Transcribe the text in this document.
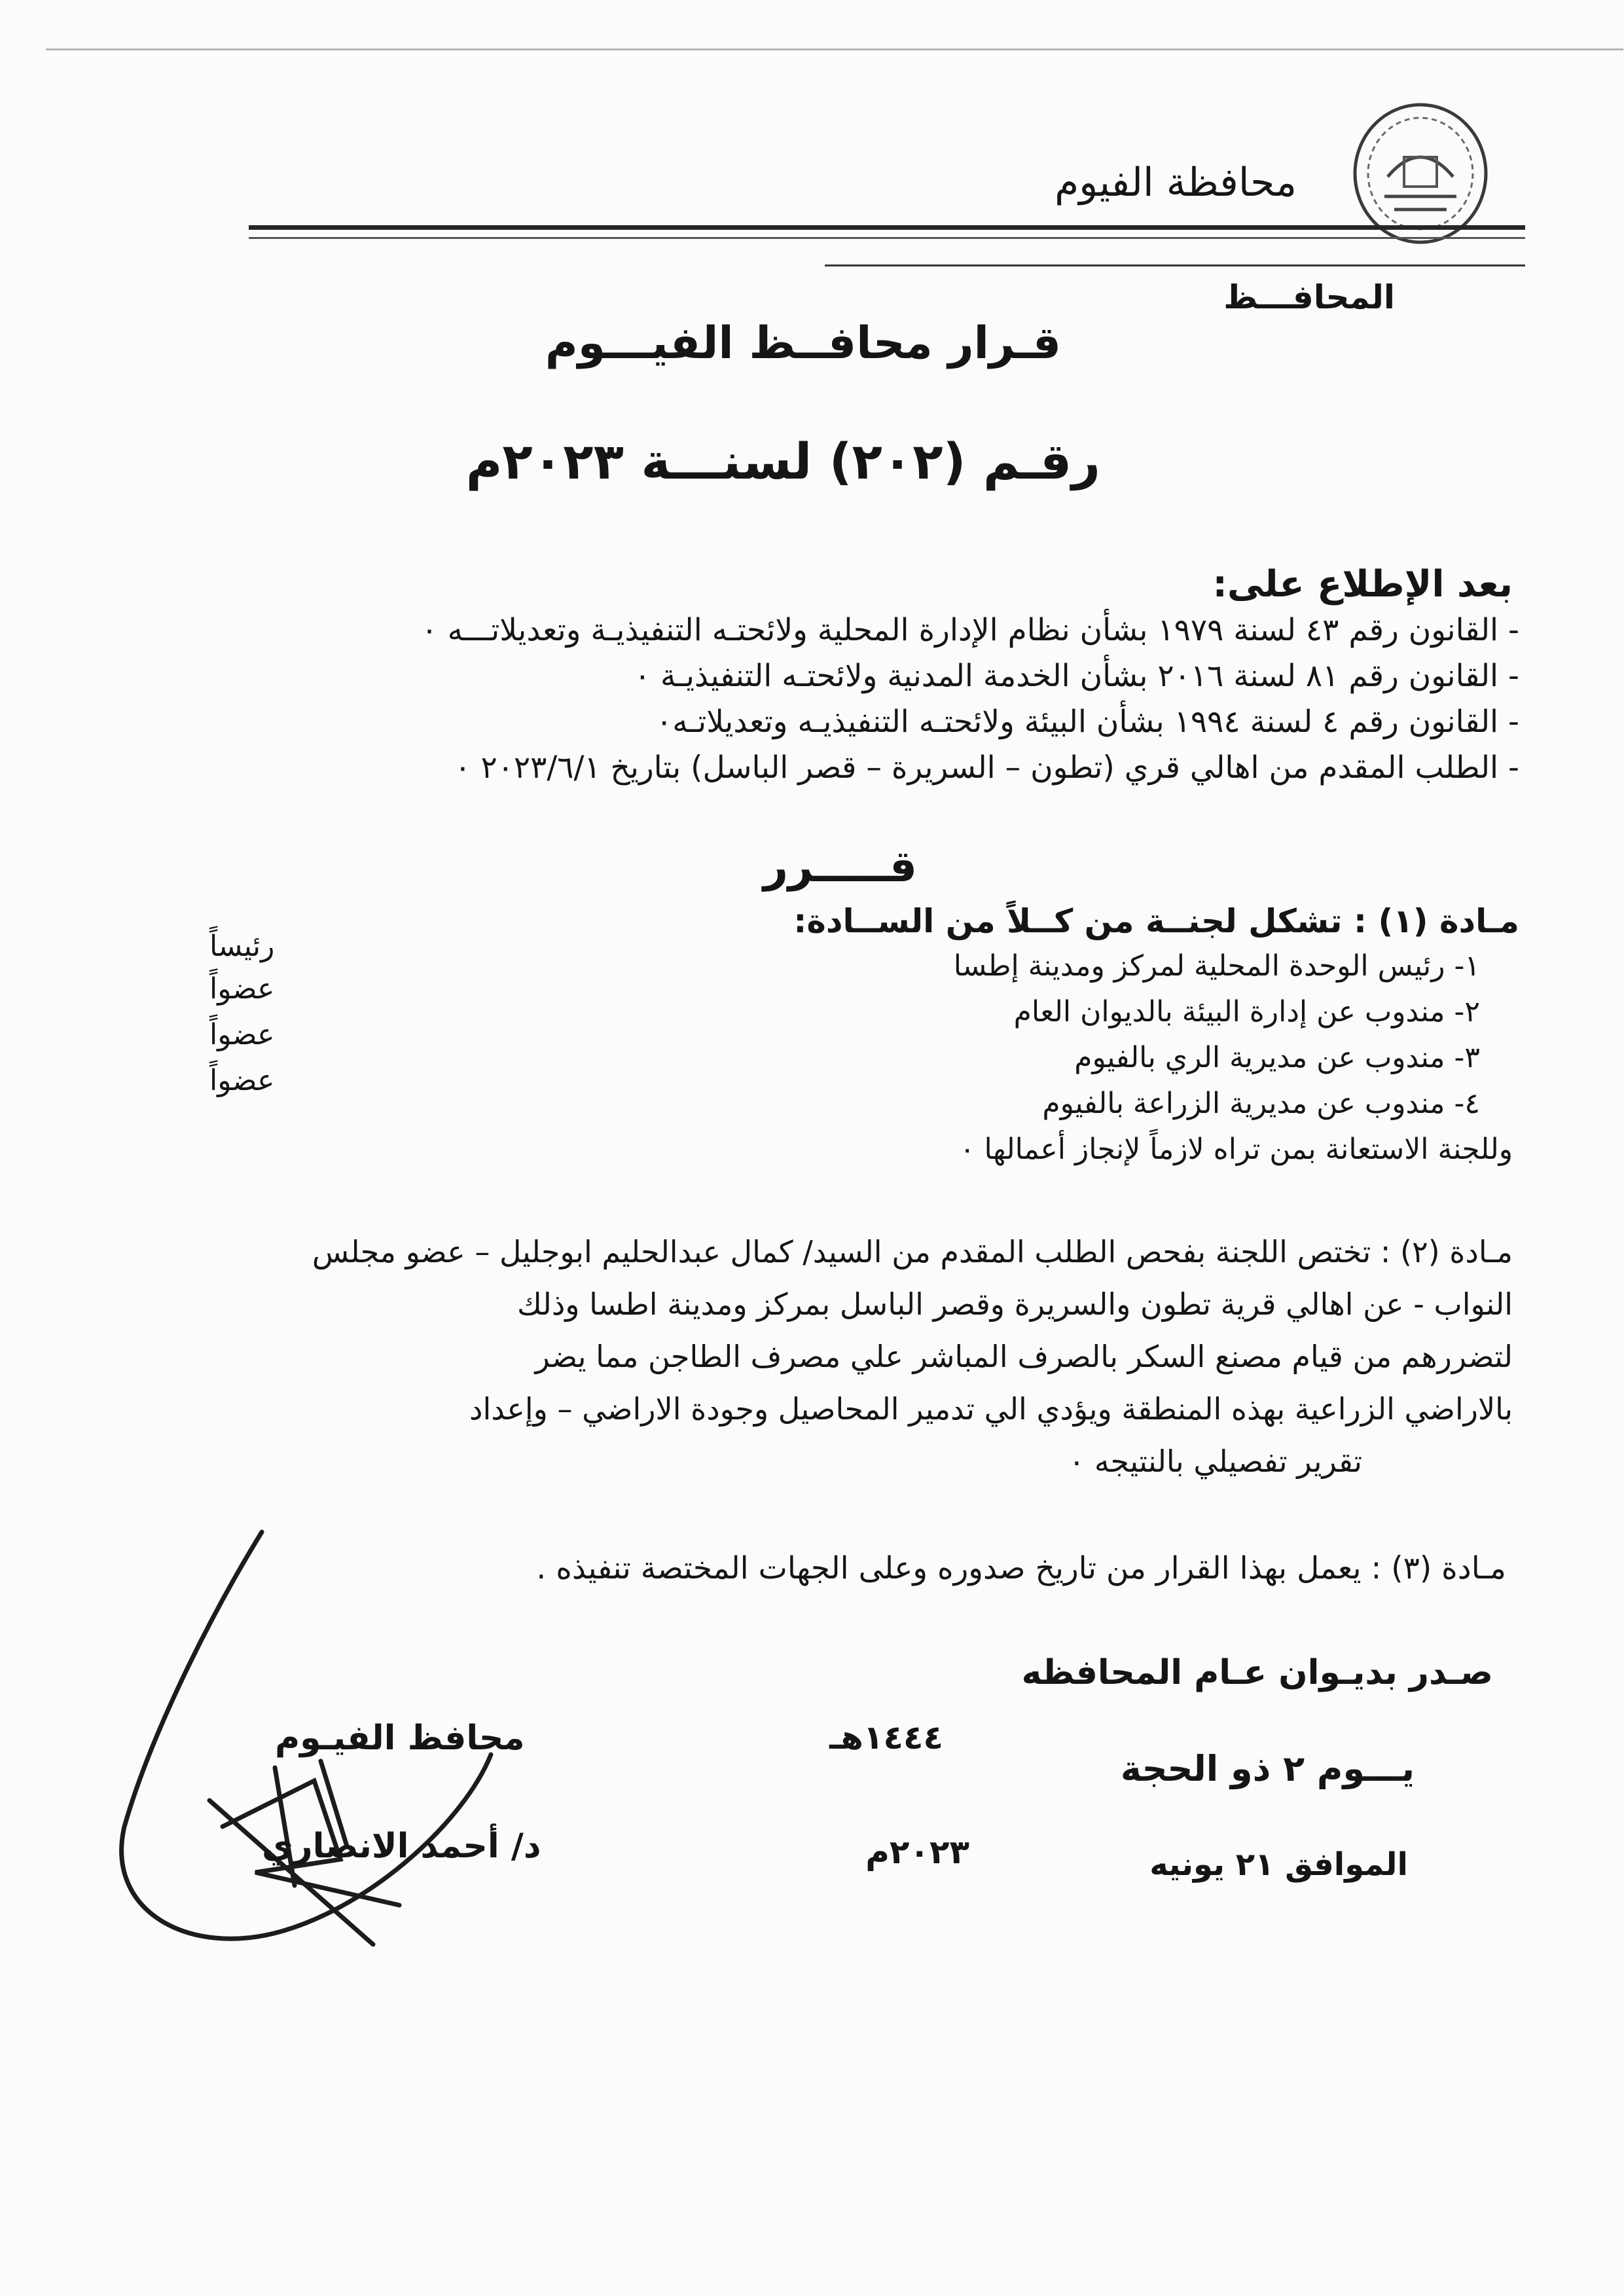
محافظة الفيوم
المحافـــظ
قـرار محافــظ الفيـــوم
رقـم (٢٠٢) لسنـــة ٢٠٢٣م
بعد الإطلاع على:
- القانون رقم ٤٣ لسنة ١٩٧٩ بشأن نظام الإدارة المحلية ولائحتـه التنفيذيـة وتعديلاتـــه ٠
- القانون رقم ٨١ لسنة ٢٠١٦ بشأن الخدمة المدنية ولائحتـه التنفيذيـة ٠
- القانون رقم ٤ لسنة ١٩٩٤ بشأن البيئة ولائحتـه التنفيذيـه وتعديلاتـه٠
- الطلب المقدم من اهالي قري (تطون – السريرة – قصر الباسل) بتاريخ ٢٠٢٣/٦/١ ٠
قـــــرر
مـادة (١) : تشكل لجنــة من كــلاً من الســادة:
١- رئيس الوحدة المحلية لمركز ومدينة إطسا
رئيساً
٢- مندوب عن إدارة البيئة بالديوان العام
عضواً
٣- مندوب عن مديرية الري بالفيوم
عضواً
٤- مندوب عن مديرية الزراعة بالفيوم
عضواً
وللجنة الاستعانة بمن تراه لازماً لإنجاز أعمالها ٠
مـادة (٢) : تختص اللجنة بفحص الطلب المقدم من السيد/ كمال عبدالحليم ابوجليل – عضو مجلس
النواب - عن اهالي قرية تطون والسريرة وقصر الباسل بمركز ومدينة اطسا وذلك
لتضررهم من قيام مصنع السكر بالصرف المباشر علي مصرف الطاجن مما يضر
بالاراضي الزراعية بهذه المنطقة ويؤدي الي تدمير المحاصيل وجودة الاراضي – وإعداد
تقرير تفصيلي بالنتيجه ٠
مـادة (٣) : يعمل بهذا القرار من تاريخ صدوره وعلى الجهات المختصة تنفيذه .
صـدر بديـوان عـام المحافظه
يـــوم ٢ ذو الحجة
١٤٤٤هـ
الموافق ٢١ يونيه
٢٠٢٣م
محافظ الفيـوم
د/ أحمد الانصاري
